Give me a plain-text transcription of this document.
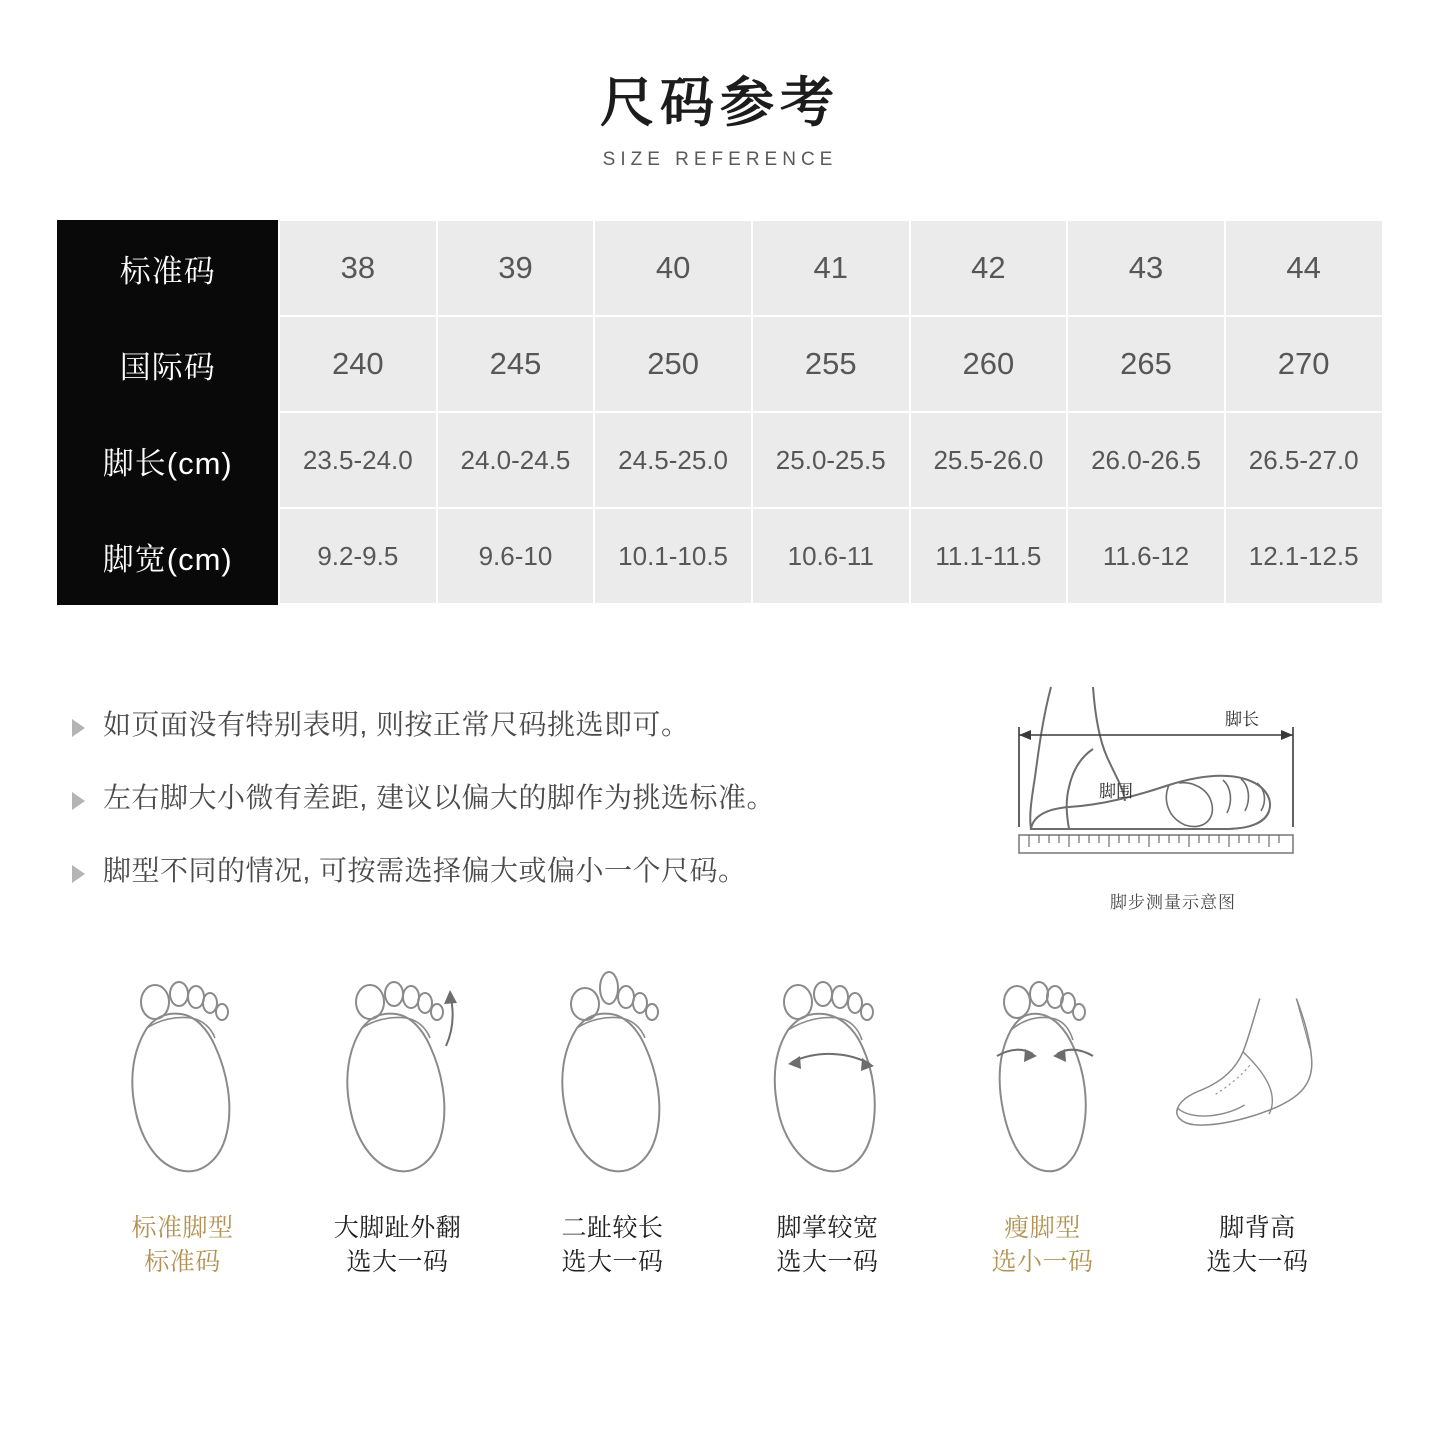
尺码参考
SIZE REFERENCE
标准码	38	39	40	41	42	43	44
国际码	240	245	250	255	260	265	270
脚长(cm)	23.5-24.0	24.0-24.5	24.5-25.0	25.0-25.5	25.5-26.0	26.0-26.5	26.5-27.0
脚宽(cm)	9.2-9.5	9.6-10	10.1-10.5	10.6-11	11.1-11.5	11.6-12	12.1-12.5
如页面没有特别表明, 则按正常尺码挑选即可。
左右脚大小微有差距, 建议以偏大的脚作为挑选标准。
脚型不同的情况, 可按需选择偏大或偏小一个尺码。
脚长
脚围
脚步测量示意图
标准脚型
标准码
大脚趾外翻
选大一码
二趾较长
选大一码
脚掌较宽
选大一码
瘦脚型
选小一码
脚背高
选大一码
